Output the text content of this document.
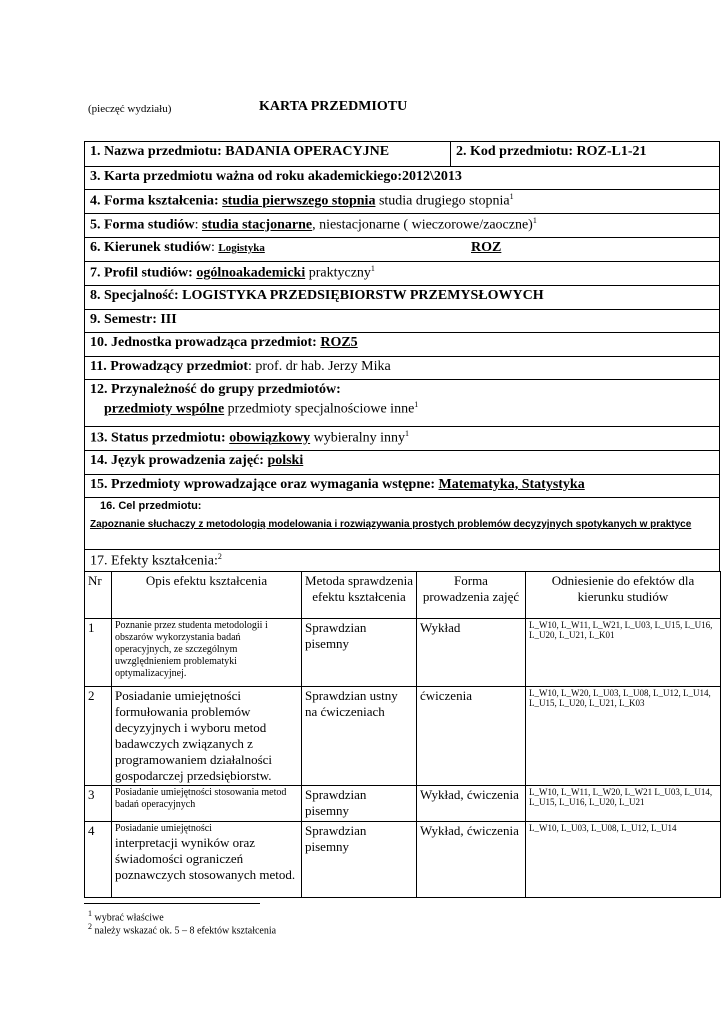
(pieczęć wydziału)	KARTA PRZEDMIOTU
1. Nazwa przedmiotu: BADANIA OPERACYJNE	2. Kod przedmiotu: ROZ-L1-21
3. Karta przedmiotu ważna od roku akademickiego:2012\2013
4. Forma kształcenia: studia pierwszego stopnia studia drugiego stopnia$^1$
5. Forma studiów: studia stacjonarne, niestacjonarne ( wieczorowe/zaoczne)$^1$
6. Kierunek studiów: Logistyka	ROZ
7. Profil studiów: ogólnoakademicki praktyczny$^1$
8. Specjalność: LOGISTYKA PRZEDSIĘBIORSTW PRZEMYSŁOWYCH
9. Semestr: III
10. Jednostka prowadząca przedmiot: ROZ5
11. Prowadzący przedmiot: prof. dr hab. Jerzy Mika
12. Przynależność do grupy przedmiotów:
przedmioty wspólne przedmioty specjalnościowe inne$^1$
13. Status przedmiotu: obowiązkowy wybieralny inny$^1$
14. Język prowadzenia zajęć: polski
15. Przedmioty wprowadzające oraz wymagania wstępne: Matematyka, Statystyka
16. Cel przedmiotu:
Zapoznanie słuchaczy z metodologią modelowania i rozwiązywania prostych problemów decyzyjnych spotykanych w praktyce
17. Efekty kształcenia:$^2$
Nr	Opis efektu kształcenia	Metoda sprawdzenia efektu kształcenia	Forma prowadzenia zajęć	Odniesienie do efektów dla kierunku studiów
1	Poznanie przez studenta metodologii i obszarów wykorzystania badań operacyjnych, ze szczególnym uwzględnieniem problematyki optymalizacyjnej.	Sprawdzian pisemny	Wykład	L_W10, L_W11, L_W21, L_U03, L_U15, L_U16, L_U20, L_U21, L_K01
2	Posiadanie umiejętności formułowania problemów decyzyjnych i wyboru metod badawczych związanych z programowaniem działalności gospodarczej przedsiębiorstw.	Sprawdzian ustny na ćwiczeniach	ćwiczenia	L_W10, L_W20, L_U03, L_U08, L_U12, L_U14, L_U15, L_U20, L_U21, L_K03
3	Posiadanie umiejętności stosowania metod badań operacyjnych	Sprawdzian pisemny	Wykład, ćwiczenia	L_W10, L_W11, L_W20, L_W21 L_U03, L_U14, L_U15, L_U16, L_U20, L_U21
4	Posiadanie umiejętności
interpretacji wyników oraz świadomości ograniczeń poznawczych stosowanych metod.	Sprawdzian pisemny	Wykład, ćwiczenia	L_W10, L_U03, L_U08, L_U12, L_U14
$^1$ wybrać właściwe
$^2$ należy wskazać ok. 5 – 8 efektów kształcenia
